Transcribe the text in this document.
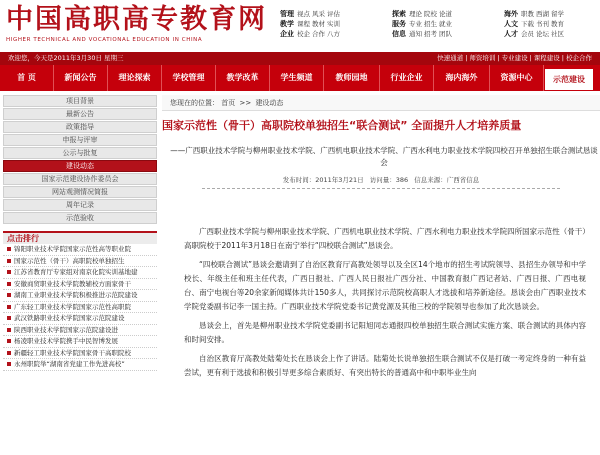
中国高职高专教育网
HIGHER TECHNICAL AND VOCATIONAL EDUCATION IN CHINA
管理 视点 风采 评估	探索 理论 院校 论道	海外 职教 西湖 留学
教学 课程 教材 实训	服务 专业 招生 就业	人文 下载 书刊 教育
企业 校企 合作 八方	信息 通知 招考 团队	人才 会员 论坛 社区
欢迎您，今天是2011年3月30日 星期三	快速通道 | 师资培训 | 专业建设 | 课程建设 | 校企合作
首 页	新闻公告	理论探索	学校管理	教学改革	学生频道	教师园地	行业企业	海内海外	资源中心	示范建设
项目背景
最新公告
政策指导
申报与评审
公示与批复
建设动态
国家示范建设协作委员会
网站观测情况简报
周年记录
示范验收
点击排行
锦阳职业技术学院国家示范性高等职业院
国家示范性（骨干）高职院校单独招生
江苏省教育厅专家组对南京化院实训基地建
安徽商贸职业技术学院教辅校方面家骨干
湖南工业职业技术学院积极推进示范院建设
广东轻工职业技术学院国家示范性高职院
武汉铁路职业技术学院国家示范院建设
陕西职业技术学院国家示范院建设进
杨凌职业技术学院携手中民智博发展
新疆轻工职业技术学院国家骨干高职院校
永州职院举“湖南省党建工作先进高校”
您现在的位置： 首页 >> 建设动态
国家示范性（骨干）高职院校单独招生“联合测试” 全面提升人才培养质量
——广西职业技术学院与柳州职业技术学院、广西机电职业技术学院、广西水利电力职业技术学院四校召开单独招生联合测试恳谈会
发布时间：2011年3月21日 访问量：386 信息来源：广西省信息

广西职业技术学院与柳州职业技术学院、广西机电职业技术学院、广西水利电力职业技术学院四所国家示范性（骨干）高职院校于2011年3月18日在南宁举行“四校联合测试”恳谈会。

“四校联合测试”恳谈会邀请到了自治区教育厅高教处领导以及全区14个地市的招生考试院领导、县招生办领导和中学校长、年级主任和班主任代表，广西日报社、广西人民日报社广西分社、中国教育报广西记者站、广西日报、广西电视台、南宁电视台等20余家新闻媒体共计150多人，共同探讨示范院校高职人才选拔和培养新途径。恳谈会由广西职业技术学院党委副书记李一国主持。广西职业技术学院党委书记黄党源及其他三校的学院领导也参加了此次恳谈会。

恳谈会上，首先是柳州职业技术学院党委副书记阳旭同志通报四校单独招生联合测试实施方案、联合测试的具体内容和时间安排。

自治区教育厅高教处陆菊处长在恳谈会上作了讲话。陆菊处长说单独招生联合测试不仅是打破一考定终身的一种有益尝试，更有利于选拔和积极引导更多综合素质好、有突出特长的普通高中和中职毕业生向
